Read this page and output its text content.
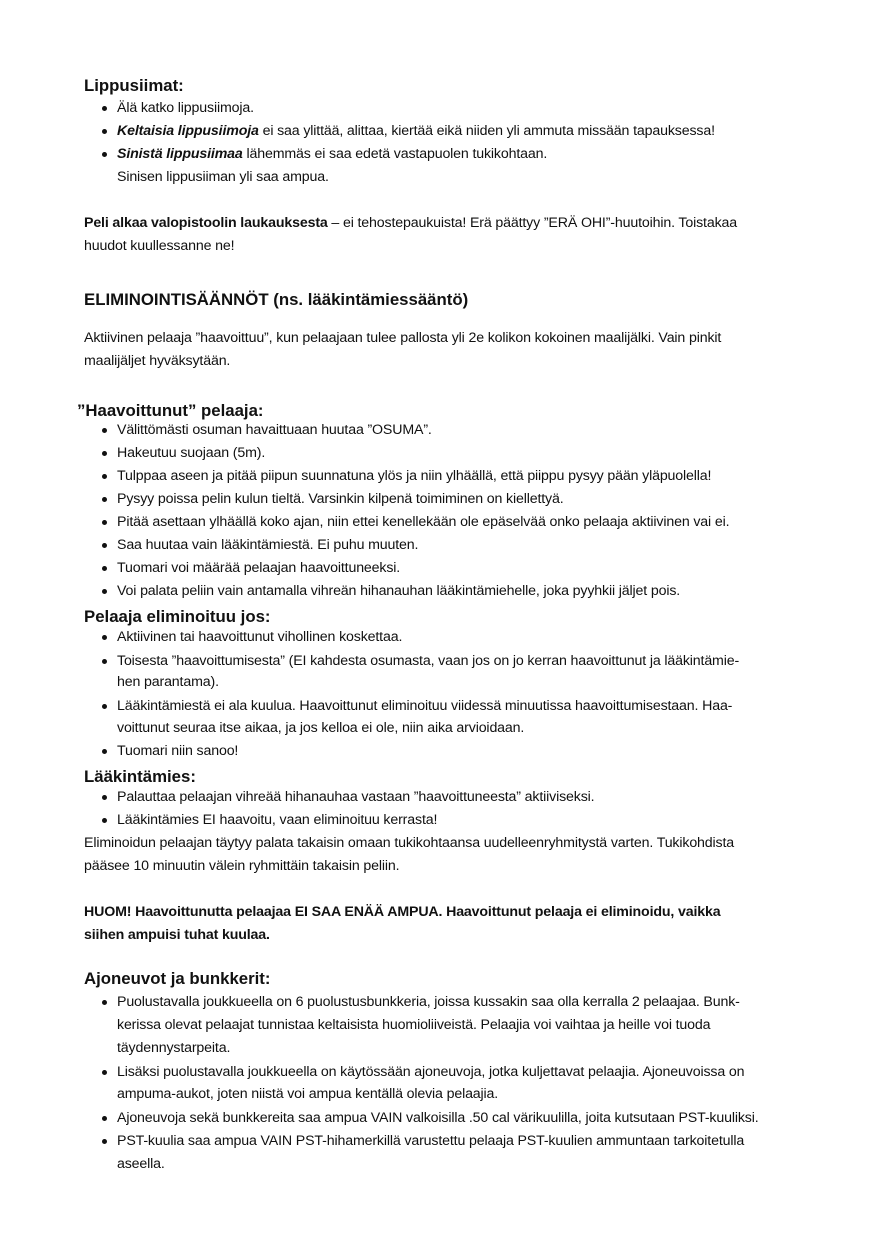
Lippusiimat:
Älä katko lippusiimoja.
Keltaisia lippusiimoja ei saa ylittää, alittaa, kiertää eikä niiden yli ammuta missään tapauksessa!
Sinistä lippusiimaa lähemmäs ei saa edetä vastapuolen tukikohtaan.
Sinisen lippusiiman yli saa ampua.
Peli alkaa valopistoolin laukauksesta – ei tehostepaukuista! Erä päättyy ”ERÄ OHI”-huutoihin. Toistakaa
huudot kuullessanne ne!
ELIMINOINTISÄÄNNÖT (ns. lääkintämiessääntö)
Aktiivinen pelaaja ”haavoittuu”, kun pelaajaan tulee pallosta yli 2e kolikon kokoinen maalijälki. Vain pinkit
maalijäljet hyväksytään.
”Haavoittunut” pelaaja:
Välittömästi osuman havaittuaan huutaa ”OSUMA”.
Hakeutuu suojaan (5m).
Tulppaa aseen ja pitää piipun suunnatuna ylös ja niin ylhäällä, että piippu pysyy pään yläpuolella!
Pysyy poissa pelin kulun tieltä. Varsinkin kilpenä toimiminen on kiellettyä.
Pitää asettaan ylhäällä koko ajan, niin ettei kenellekään ole epäselvää onko pelaaja aktiivinen vai ei.
Saa huutaa vain lääkintämiestä. Ei puhu muuten.
Tuomari voi määrää pelaajan haavoittuneeksi.
Voi palata peliin vain antamalla vihreän hihanauhan lääkintämiehelle, joka pyyhkii jäljet pois.
Pelaaja eliminoituu jos:
Aktiivinen tai haavoittunut vihollinen koskettaa.
Toisesta ”haavoittumisesta” (EI kahdesta osumasta, vaan jos on jo kerran haavoittunut ja lääkintämie-
hen parantama).
Lääkintämiestä ei ala kuulua. Haavoittunut eliminoituu viidessä minuutissa haavoittumisestaan. Haa-
voittunut seuraa itse aikaa, ja jos kelloa ei ole, niin aika arvioidaan.
Tuomari niin sanoo!
Lääkintämies:
Palauttaa pelaajan vihreää hihanauhaa vastaan ”haavoittuneesta” aktiiviseksi.
Lääkintämies EI haavoitu, vaan eliminoituu kerrasta!
Eliminoidun pelaajan täytyy palata takaisin omaan tukikohtaansa uudelleenryhmitystä varten. Tukikohdista
pääsee 10 minuutin välein ryhmittäin takaisin peliin.
HUOM! Haavoittunutta pelaajaa EI SAA ENÄÄ AMPUA. Haavoittunut pelaaja ei eliminoidu, vaikka
siihen ampuisi tuhat kuulaa.
Ajoneuvot ja bunkkerit:
Puolustavalla joukkueella on 6 puolustusbunkkeria, joissa kussakin saa olla kerralla 2 pelaajaa. Bunk-
kerissa olevat pelaajat tunnistaa keltaisista huomioliiveistä. Pelaajia voi vaihtaa ja heille voi tuoda
täydennystarpeita.
Lisäksi puolustavalla joukkueella on käytössään ajoneuvoja, jotka kuljettavat pelaajia. Ajoneuvoissa on
ampuma-aukot, joten niistä voi ampua kentällä olevia pelaajia.
Ajoneuvoja sekä bunkkereita saa ampua VAIN valkoisilla .50 cal värikuulilla, joita kutsutaan PST-kuuliksi.
PST-kuulia saa ampua VAIN PST-hihamerkillä varustettu pelaaja PST-kuulien ammuntaan tarkoitetulla
aseella.
